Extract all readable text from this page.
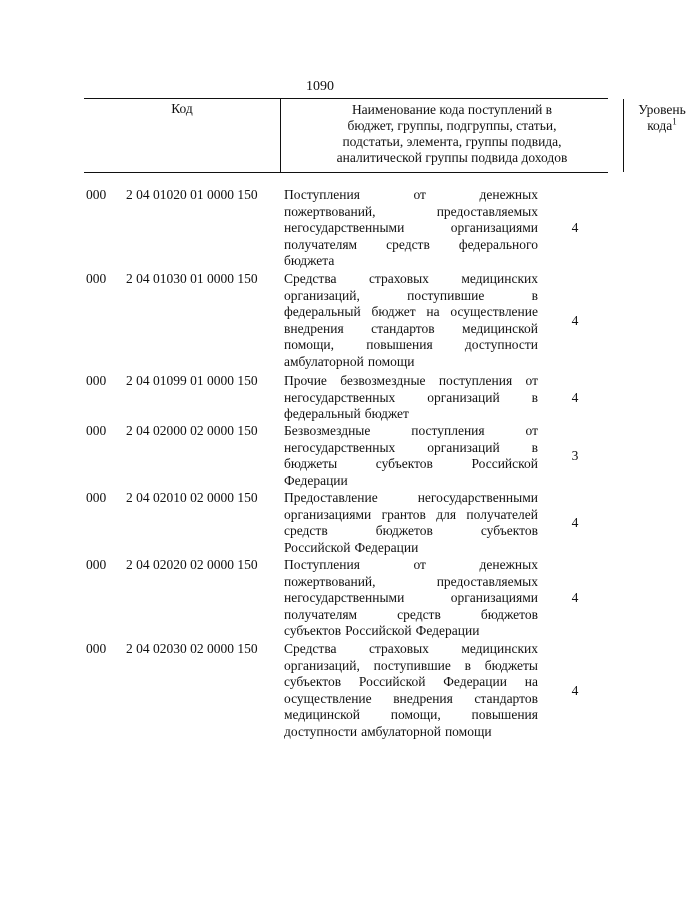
1090
Код	Наименование кода поступлений в
бюджет, группы, подгруппы, статьи,
подстатьи, элемента, группы подвида,
аналитической группы подвида доходов
Уровень
кода$^1$
000 2 04 01020 01 0000 150 Поступления	от	денежных
пожертвований,	предоставляемых
негосударственными	организациями
получателям средств федерального
бюджета
4
000 2 04 01030 01 0000 150 Средства страховых медицинских
организаций,	поступившие	в
федеральный бюджет на осуществление
внедрения стандартов медицинской
помощи, повышения доступности
амбулаторной помощи
4
000 2 04 01099 01 0000 150 Прочие безвозмездные поступления от
негосударственных организаций в
федеральный бюджет
4
000 2 04 02000 02 0000 150 Безвозмездные	поступления	от
негосударственных организаций в
бюджеты	субъектов	Российской
Федерации
3
000 2 04 02010 02 0000 150 Предоставление	негосударственными
организациями грантов для получателей
средств	бюджетов	субъектов
Российской Федерации
4
000 2 04 02020 02 0000 150 Поступления	от	денежных
пожертвований,	предоставляемых
негосударственными	организациями
получателям	средств	бюджетов
субъектов Российской Федерации
4
000 2 04 02030 02 0000 150 Средства страховых медицинских
организаций, поступившие в бюджеты
субъектов Российской Федерации на
осуществление внедрения стандартов
медицинской помощи, повышения
доступности амбулаторной помощи
4
